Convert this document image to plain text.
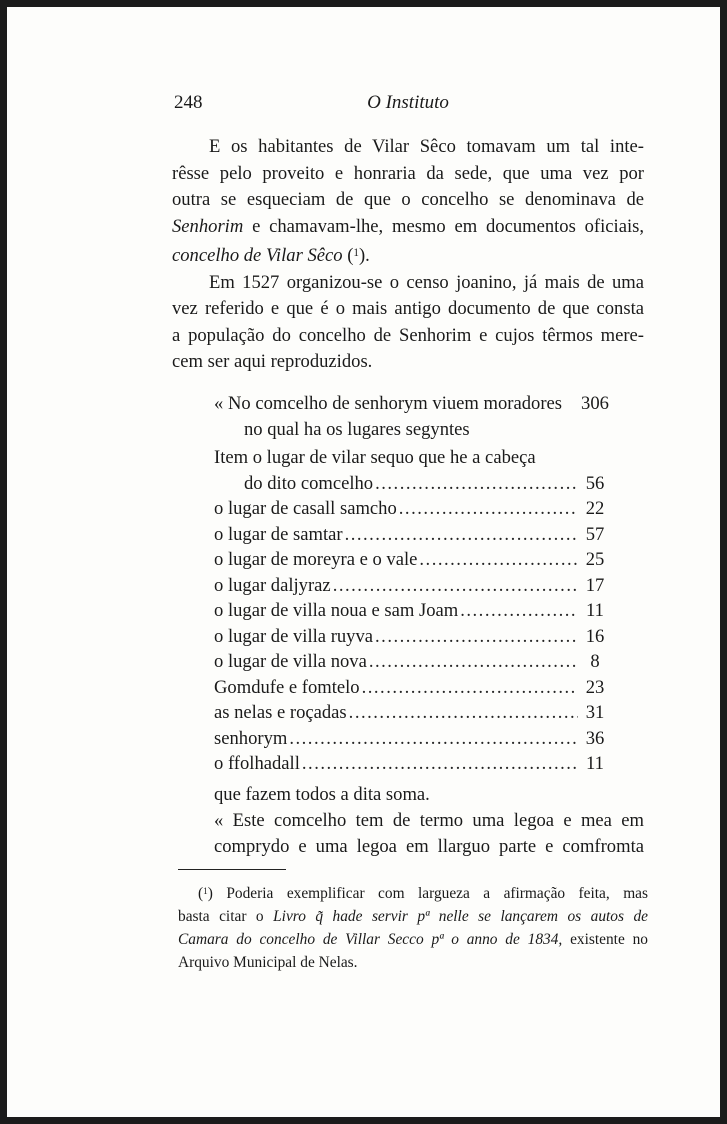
248	O Instituto
E os habitantes de Vilar Sêco tomavam um tal inte-
rêsse pelo proveito e honraria da sede, que uma vez por
outra se esqueciam de que o concelho se denominava de
Senhorim e chamavam-lhe, mesmo em documentos oficiais,
concelho de Vilar Sêco ($^1$).
Em 1527 organizou-se o censo joanino, já mais de uma
vez referido e que é o mais antigo documento de que consta
a população do concelho de Senhorim e cujos têrmos mere-
cem ser aqui reproduzidos.
« No comcelho de senhorym viuem moradores 306
no qual ha os lugares segyntes
Item o lugar de vilar sequo que he a cabeça
do dito comcelho .....	56
o lugar de casall samcho .....	22
o lugar de samtar .....	57
o lugar de moreyra e o vale .....	25
o lugar daljyraz .....	17
o lugar de villa noua e sam Joam .....	11
o lugar de villa ruyva .....	16
o lugar de villa nova .....	8
Gomdufe e fomtelo .....	23
as nelas e roçadas .....	31
senhorym .....	36
o ffolhadall .....	11
que fazem todos a dita soma.
« Este comcelho tem de termo uma legoa e mea em
comprydo e uma legoa em llarguo parte e comfromta
($^1$) Poderia exemplificar com largueza a afirmação feita, mas
basta citar o Livro q̃ hade servir pª nelle se lançarem os autos de
Camara do concelho de Villar Secco pª o anno de 1834, existente no
Arquivo Municipal de Nelas.
